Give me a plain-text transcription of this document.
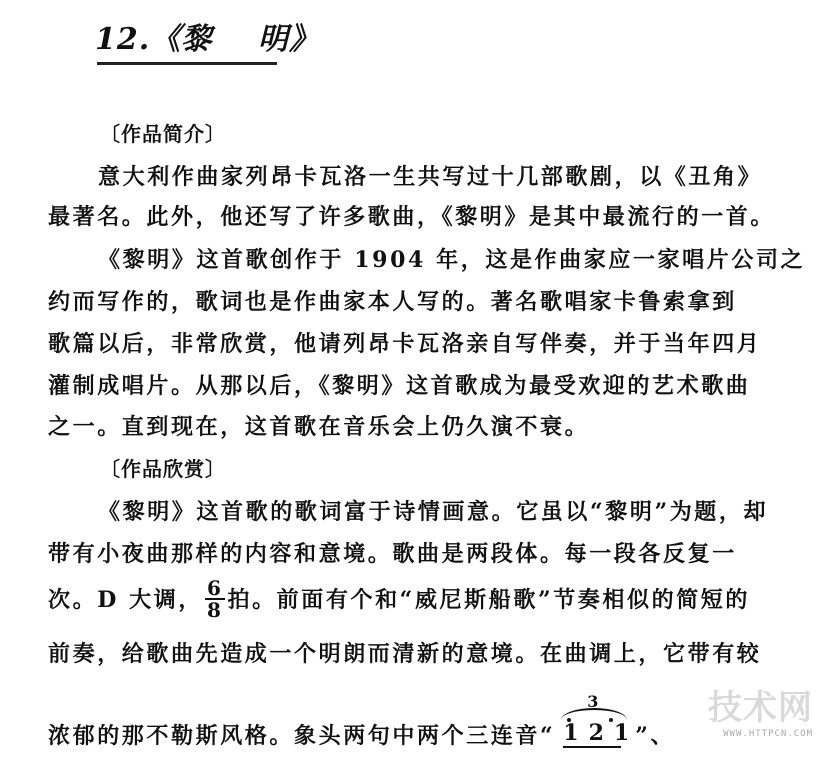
12.《黎    明》
〔作品简介〕
意大利作曲家列昂卡瓦洛一生共写过十几部歌剧，以《丑角》
最著名。此外，他还写了许多歌曲，《黎明》是其中最流行的一首。
《黎明》这首歌创作于 1904 年，这是作曲家应一家唱片公司之
约而写作的，歌词也是作曲家本人写的。著名歌唱家卡鲁索拿到
歌篇以后，非常欣赏，他请列昂卡瓦洛亲自写伴奏，并于当年四月
灌制成唱片。从那以后，《黎明》这首歌成为最受欢迎的艺术歌曲
之一。直到现在，这首歌在音乐会上仍久演不衰。
〔作品欣赏〕
《黎明》这首歌的歌词富于诗情画意。它虽以“黎明”为题，却
带有小夜曲那样的内容和意境。歌曲是两段体。每一段各反复一
次。D 大调， $\frac{6}{8}$ 拍。前面有个和“威尼斯船歌”节奏相似的简短的
前奏，给歌曲先造成一个明朗而清新的意境。在曲调上，它带有较
浓郁的那不勒斯风格。象头两句中两个三连音“
3
121
”、
技术网
WWW.HTTPCN.COM
